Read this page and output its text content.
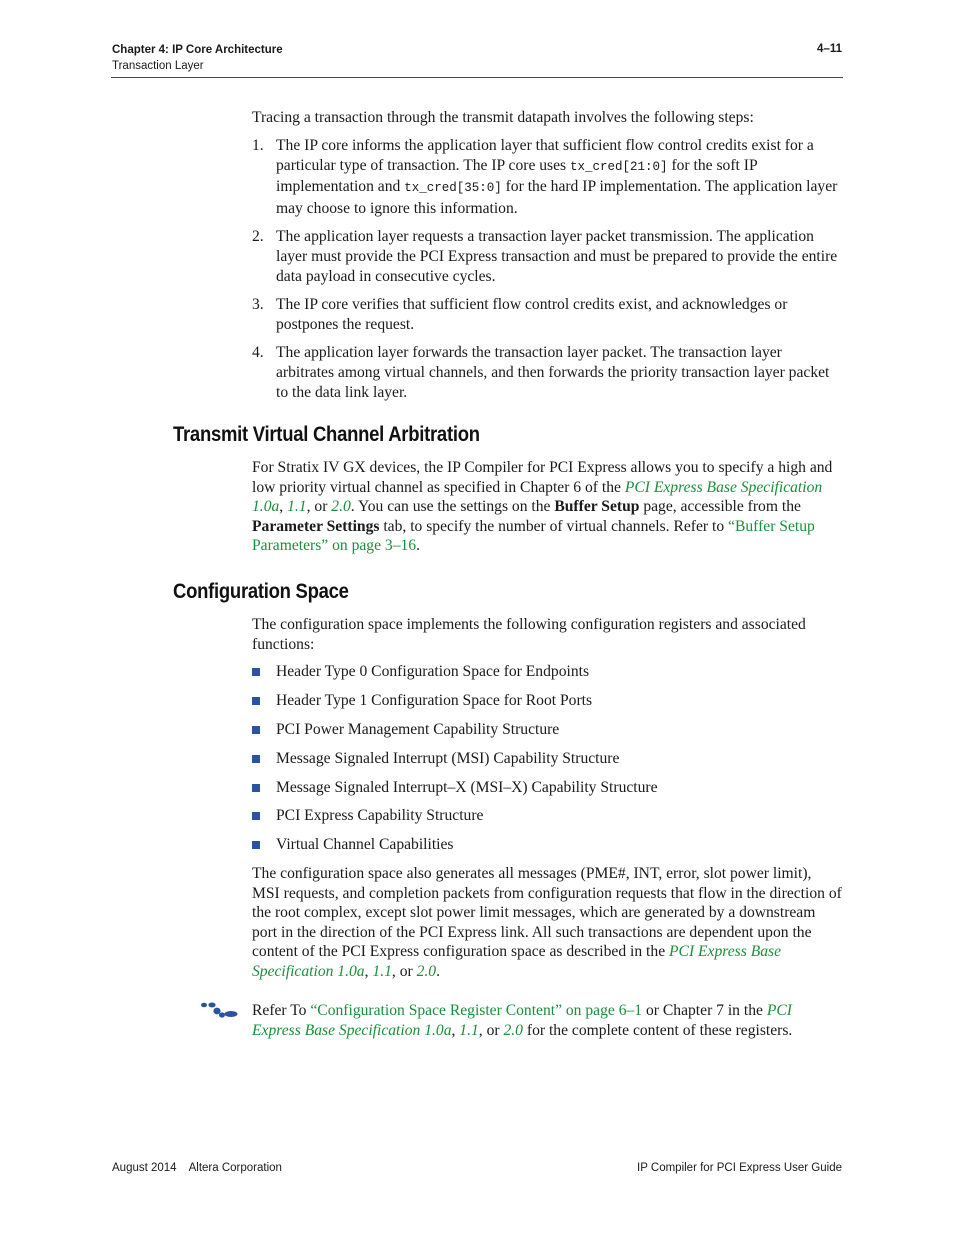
Chapter 4: IP Core Architecture
Transaction Layer
4–11

Tracing a transaction through the transmit datapath involves the following steps:

1. The IP core informs the application layer that sufficient flow control credits exist for a particular type of transaction. The IP core uses tx_cred[21:0] for the soft IP implementation and tx_cred[35:0] for the hard IP implementation. The application layer may choose to ignore this information.
2. The application layer requests a transaction layer packet transmission. The application layer must provide the PCI Express transaction and must be prepared to provide the entire data payload in consecutive cycles.
3. The IP core verifies that sufficient flow control credits exist, and acknowledges or postpones the request.
4. The application layer forwards the transaction layer packet. The transaction layer arbitrates among virtual channels, and then forwards the priority transaction layer packet to the data link layer.
Transmit Virtual Channel Arbitration

For Stratix IV GX devices, the IP Compiler for PCI Express allows you to specify a high and low priority virtual channel as specified in Chapter 6 of the PCI Express Base Specification 1.0a, 1.1, or 2.0. You can use the settings on the Buffer Setup page, accessible from the Parameter Settings tab, to specify the number of virtual channels. Refer to “Buffer Setup Parameters” on page 3–16.

Configuration Space

The configuration space implements the following configuration registers and associated functions:

Header Type 0 Configuration Space for Endpoints
Header Type 1 Configuration Space for Root Ports
PCI Power Management Capability Structure
Message Signaled Interrupt (MSI) Capability Structure
Message Signaled Interrupt–X (MSI–X) Capability Structure
PCI Express Capability Structure
Virtual Channel Capabilities

The configuration space also generates all messages (PME#, INT, error, slot power limit), MSI requests, and completion packets from configuration requests that flow in the direction of the root complex, except slot power limit messages, which are generated by a downstream port in the direction of the PCI Express link. All such transactions are dependent upon the content of the PCI Express configuration space as described in the PCI Express Base Specification 1.0a, 1.1, or 2.0.

Refer To “Configuration Space Register Content” on page 6–1 or Chapter 7 in the PCI Express Base Specification 1.0a, 1.1, or 2.0 for the complete content of these registers.

August 2014 Altera Corporation	IP Compiler for PCI Express User Guide
